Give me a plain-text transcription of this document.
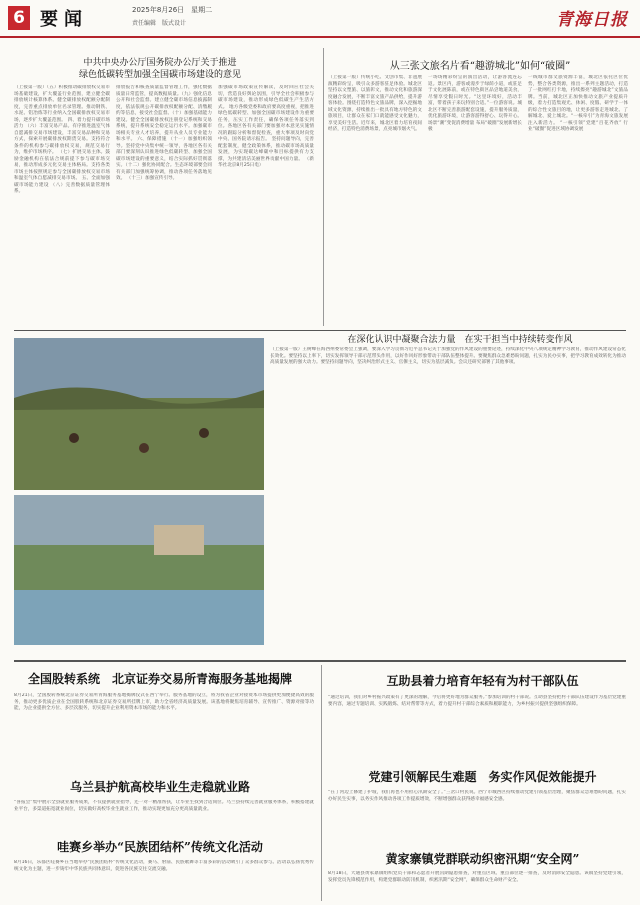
6 要闻	2025年8月26日　星期二
责任编辑　版式设计	青海日报
中共中央办公厅国务院办公厅关于推进
绿色低碳转型加强全国碳市场建设的意见
（上接第一版）（五）积极推动碳排放权交易市场基础建设，扩大覆盖行业范围，建立健全碳排放统计核算体系。健全碳排放权配额分配制度，完善重点排放单位名录管理。推动钢铁、水泥、铝冶炼等行业纳入全国碳排放权交易市场，逐步扩大覆盖范围。 四、着力提升碳市场活力 （六）丰富交易产品。有序推进温室气体自愿减排交易市场建设，丰富交易品种和交易方式，探索开展碳排放权期货交易。支持符合条件的机构参与碳排放权交易，规范交易行为，维护市场秩序。 （七）扩展交易主体。鼓励金融机构在依法合规前提下参与碳市场交易，推动形成多元化交易主体格局。支持各类市场主体按照规定参与全国碳排放权交易市场和温室气体自愿减排交易市场。 五、全面加强碳市场能力建设 （八）完善数据质量管理体系。
排放报告和核查质量监督管理工作，强化数据质量日常监管，提高数据质量。（九）强化信息公开和社会监督。建立健全碳市场信息披露制度，依法依规公开碳排放权配额分配、清缴履约等信息，接受社会监督。（十）加强基础能力建设。健全全国碳排放权注册登记系统和交易系统，提升系统安全稳定运行水平。加强碳市场相关专业人才培养，提升从业人员专业能力和水平。 六、保障措施 （十一）加强组织领导。坚持党中央集中统一领导，各地区各有关部门要深刻认识推进绿色低碳转型、加强全国碳市场建设的重要意义，结合实际抓好贯彻落实。（十二）强化协同配合。生态环境部要会同有关部门加强统筹协调，推动各项任务落地见效。 （十三）加强宣传引导。
加强碳市场政策宣传解读，及时回应社会关切，营造良好舆论氛围，引导全社会积极参与碳市场建设，推动形成绿色低碳生产生活方式。 地方各级党委和政府要高度重视，把推进绿色低碳转型、加强全国碳市场建设作为重要任务，压实工作责任，确保各项任务落实到位。各地区各有关部门要加强对本意见实施情况的跟踪分析和督促检查，重大事项及时向党中央、国务院请示报告。 坚持问题导向，完善配套制度，健全政策体系，推动碳市场高质量发展，为实现碳达峰碳中和目标提供有力支撑，为共建清洁美丽世界贡献中国力量。 （新华社北京8月25日电）
从三张文旅名片看“趣游城北”如何“破圈”
（上接第一版）传统小吃、文创市集、非遗展演精彩纷呈，吸引众多游客驻足体验。城北区坚持以文塑旅、以旅彰文，推动文化和旅游深度融合发展，不断丰富文旅产品供给，提升游客体验。围绕打造特色文旅品牌，深入挖掘地域文化资源，持续推出一批具有地方特色的文旅项目，让群众在家门口就能感受文化魅力，享受美好生活。近年来，城北区着力培育夜间经济，打造特色消费场景，点亮城市烟火气。
一场场精彩纷呈的演出活动，让游客流连忘返。景区内，游客或漫步于绿荫小道，或驻足于文化展陈前，或在特色街区品尝地道美食，尽情享受假日时光。“这里环境好，活动丰富，带着孩子来玩特别合适。”一位游客说。城北区不断完善旅游配套设施，提升服务质量，优化旅游环境，让游客游得舒心、玩得开心。 场景“潮”变促消费增量 布局“破圈”发展新增长极
一线城市群文旅资源丰富，城北区依托区位优势，整合各类资源，推出一系列主题活动，打造了一批网红打卡地，持续擦亮“趣游城北”文旅品牌。当前，城北区正加快推动文旅产业提质升级，着力打造集观光、休闲、度假、研学于一体的综合性文旅目的地，让更多游客走进城北、了解城北、爱上城北。“一核牵引”为青海文旅发展注入新活力。 “一核引领”党建“百花齐放” 行业“破圈”促进区域协调发展
在深化认识中凝聚合法力量　在实干担当中持续转变作风
（上接第一版）王树峰在海西州委常委会上强调，要深入学习贯彻习近平总书记关于加强党的作风建设的重要论述，持续深化中央八项规定精神学习教育，推动作风建设常态化长效化。要坚持以上率下，切实发挥领导干部示范带头作用，以好作风好形象带动干部队伍整体提升。要聚焦群众急难愁盼问题，扎实为民办实事，把学习教育成效转化为推动高质量发展的强大动力。要坚持问题导向，坚决纠治形式主义、官僚主义，切实为基层减负。会议还研究部署了其他事项。
全国股转系统　北京证券交易所青海服务基地揭牌
8月21日，全国股转系统北京证券交易所青海服务基地揭牌仪式在西宁举行。服务基地的设立，将为我省企业对接资本市场提供更加便捷高效的服务，推动更多优质企业在全国股转系统和北京证券交易所挂牌上市，助力全省经济高质量发展。该基地将聚焦培育辅导、宣传推广、资源对接等功能，为企业提供全方位、多层次服务，切实提升企业利用资本市场的能力和水平。
乌兰县护航高校毕业生走稳就业路
“喜报会”集中展示全县就业服务成果，不仅提供就业指导，还一对一精准帮扶，让毕业生找到合适岗位。乌兰县持续完善就业服务体系，积极搭建就业平台，多渠道拓宽就业岗位，切实做好高校毕业生就业工作，推动实现更加充分更高质量就业。
哇赛乡举办“民族团结杯”传统文化活动
8月16日，乐都区哇赛乡在当地举办“民族团结杯”传统文化活动，赛马、射箭、民族歌舞等丰富多彩的活动吸引了众多群众参与。活动以弘扬优秀传统文化为主题，进一步铸牢中华民族共同体意识，促进各民族交往交流交融。
互助县着力培育年轻有为村干部队伍
“通过培训，我们对乡村振兴政策有了更深的理解，今后将更好地为群众服务。”参加培训的村干部说。互助县坚持把村干部队伍建设作为基层党建重要内容，通过专题培训、实践锻炼、结对帮带等方式，着力提升村干部综合素质和履职能力，为乡村振兴提供坚强组织保障。
党建引领解民生难题　务实作风促效能提升
“在丁河边上修建了护坡，我们再也不用担心汛期安全了。”三岔口村民说。西宁市城西区持续推动党建引领基层治理，聚焦群众急难愁盼问题，扎实办好民生实事，以务实作风推动各项工作提质增效，不断增强群众获得感幸福感安全感。
黄家寨镇党群联动织密汛期“安全网”
8月18日，大通县黄家寨镇组织党员干部和志愿者开展汛期隐患排查，对重点区域、重点部位逐一排查，及时消除安全隐患。该镇坚持党建引领，发挥党员先锋模范作用，构建党群联动防汛机制，织密汛期“安全网”，确保群众生命财产安全。
